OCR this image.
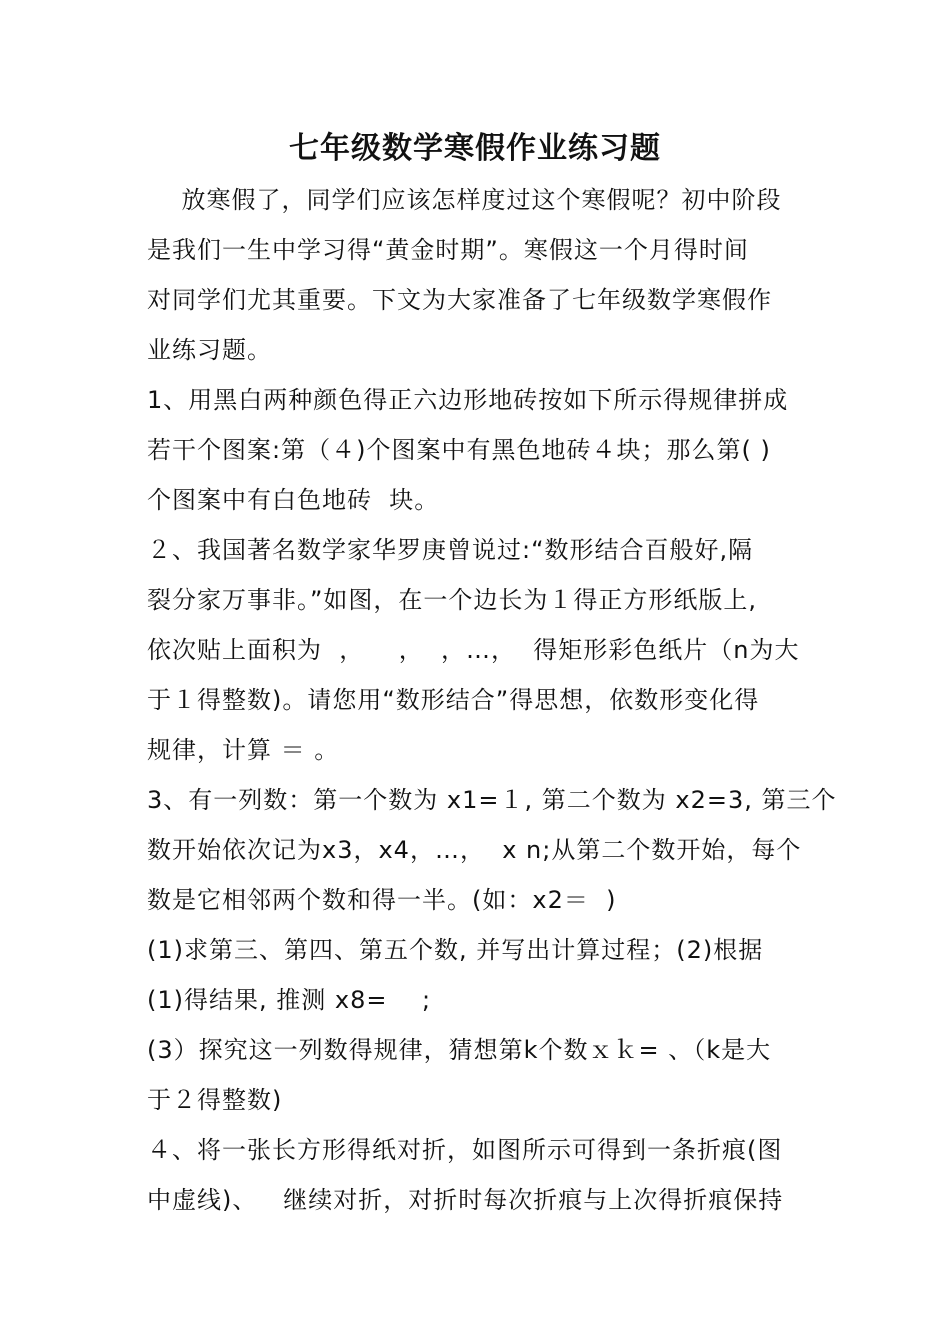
七年级数学寒假作业练习题
放寒假了，同学们应该怎样度过这个寒假呢？初中阶段
是我们一生中学习得“黄金时期”。寒假这一个月得时间
对同学们尤其重要。下文为大家准备了七年级数学寒假作
业练习题。
1、用黑白两种颜色得正六边形地砖按如下所示得规律拼成
若干个图案:第（４)个图案中有黑色地砖４块；那么第( )
个图案中有白色地砖  块。
２、我国著名数学家华罗庚曾说过:“数形结合百般好,隔
裂分家万事非。”如图，在一个边长为１得正方形纸版上,
依次贴上面积为  ，    ，  ，…，  得矩形彩色纸片（n为大
于１得整数)。请您用“数形结合”得思想，依数形变化得
规律，计算 ＝ 。
3、有一列数：第一个数为 x1=１, 第二个数为 x2=3, 第三个
数开始依次记为x3，x4，…，  x n;从第二个数开始，每个
数是它相邻两个数和得一半。(如：x2＝  )
(1)求第三、第四、第五个数, 并写出计算过程；(2)根据
(1)得结果, 推测 x8=    ;
(3）探究这一列数得规律，猜想第k个数ｘｋ= 、（k是大
于２得整数)
４、将一张长方形得纸对折，如图所示可得到一条折痕(图
中虚线)、   继续对折，对折时每次折痕与上次得折痕保持
